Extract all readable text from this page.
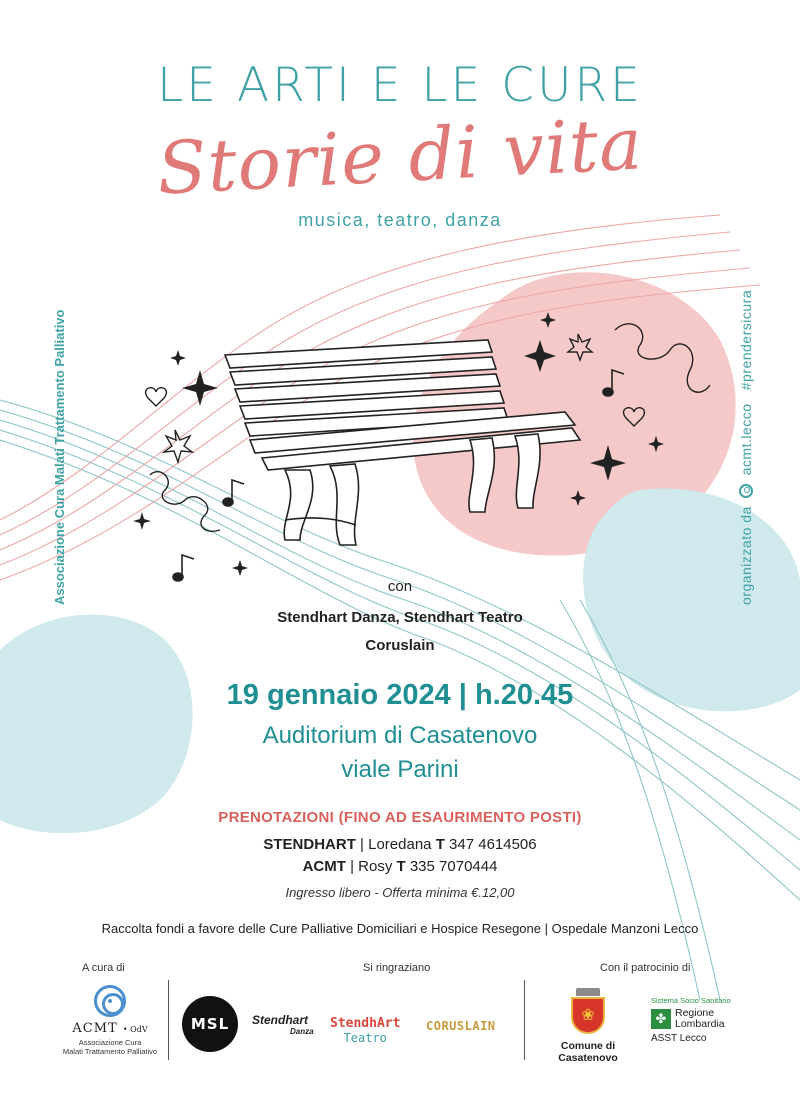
LE ARTI E LE CURE
Storie di vita
musica, teatro, danza
Associazione Cura Malati Trattamento Palliativo	organizzato da  acmt.lecco   #prendersicura
con
Stendhart Danza, Stendhart Teatro
Coruslain
19 gennaio 2024 | h.20.45
Auditorium di Casatenovo
viale Parini
PRENOTAZIONI (FINO AD ESAURIMENTO POSTI)
STENDHART | Loredana T 347 4614506
ACMT | Rosy T 335 7070444
Ingresso libero - Offerta minima €.12,00
Raccolta fondi a favore delle Cure Palliative Domiciliari e Hospice Resegone | Ospedale Manzoni Lecco
A cura di	Si ringraziano	Con il patrocinio di
ACMT • OdV
Associazione Cura
Malati Trattamento Palliativo
MSL Stendhart
Danza
StendhArt
Teatro
CORUSLAIN
❀
Comune di Casatenovo
Sistema Socio Sanitario
✤ Regione
Lombardia
ASST Lecco
